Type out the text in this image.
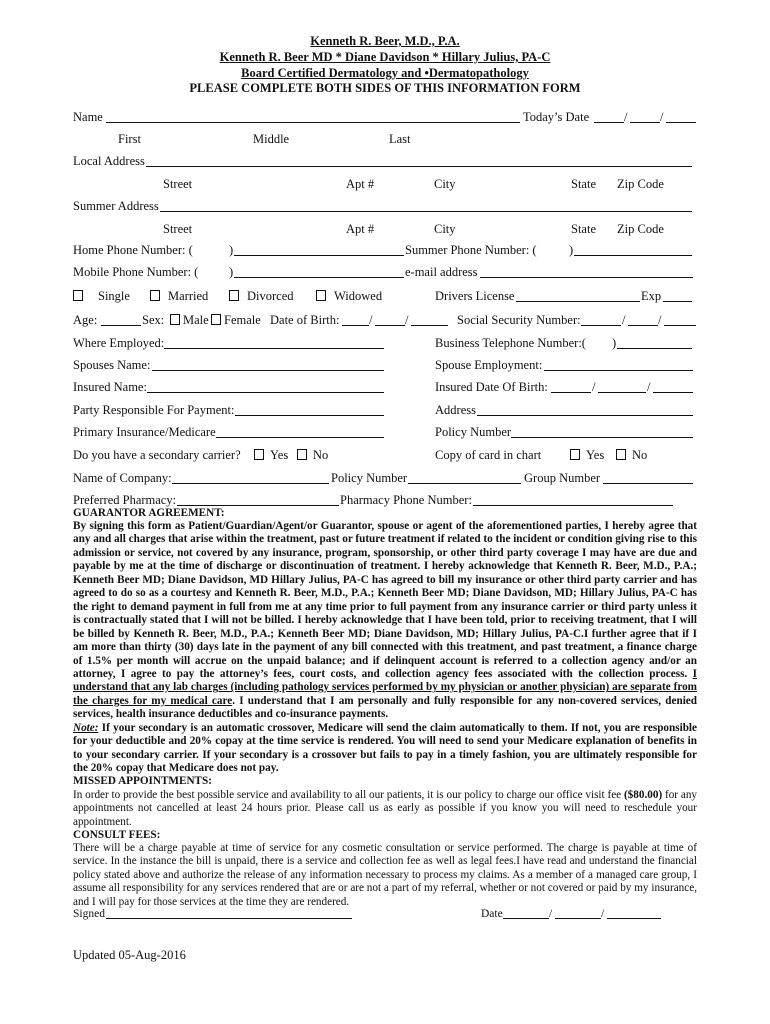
Kenneth R. Beer, M.D., P.A.
Kenneth R. Beer MD * Diane Davidson * Hillary Julius, PA-C
Board Certified Dermatology and •Dermatopathology
PLEASE COMPLETE BOTH SIDES OF THIS INFORMATION FORM
Name	Today’s Date	/	/
First	Middle	Last
Local Address
Street	Apt #	City	State Zip Code
Summer Address
Street	Apt #	City	State Zip Code
Home Phone Number: (	)	Summer Phone Number: (	)
Mobile Phone Number: ( )	e-mail address
Single	Married	Divorced	Widowed	Drivers License	Exp
Age:	Sex:	Male	Female Date of Birth: /	/	Social Security Number:	/	/
Where Employed:	Business Telephone Number:( )
Spouses Name:	Spouse Employment:
Insured Name:	Insured Date Of Birth:	/	/
Party Responsible For Payment:	Address
Primary Insurance/Medicare	Policy Number
Do you have a secondary carrier?	Yes	No	Copy of card in chart	Yes	No
Name of Company:	Policy Number	Group Number
Preferred Pharmacy:	Pharmacy Phone Number:
GUARANTOR AGREEMENT:
By signing this form as Patient/Guardian/Agent/or Guarantor, spouse or agent of the aforementioned parties, I hereby agree that any and all charges that arise within the treatment, past or future treatment if related to the incident or condition giving rise to this admission or service, not covered by any insurance, program, sponsorship, or other third party coverage I may have are due and payable by me at the time of discharge or discontinuation of treatment. I hereby acknowledge that Kenneth R. Beer, M.D., P.A.; Kenneth Beer MD; Diane Davidson, MD Hillary Julius, PA-C has agreed to bill my insurance or other third party carrier and has agreed to do so as a courtesy and Kenneth R. Beer, M.D., P.A.; Kenneth Beer MD; Diane Davidson, MD; Hillary Julius, PA-C has the right to demand payment in full from me at any time prior to full payment from any insurance carrier or third party unless it is contractually stated that I will not be billed. I hereby acknowledge that I have been told, prior to receiving treatment, that I will be billed by Kenneth R. Beer, M.D., P.A.; Kenneth Beer MD; Diane Davidson, MD; Hillary Julius, PA-C.I further agree that if I am more than thirty (30) days late in the payment of any bill connected with this treatment, and past treatment, a finance charge of 1.5% per month will accrue on the unpaid balance; and if delinquent account is referred to a collection agency and/or an attorney, I agree to pay the attorney’s fees, court costs, and collection agency fees associated with the collection process. I understand that any lab charges (including pathology services performed by my physician or another physician) are separate from the charges for my medical care. I understand that I am personally and fully responsible for any non-covered services, denied services, health insurance deductibles and co-insurance payments.
Note: If your secondary is an automatic crossover, Medicare will send the claim automatically to them. If not, you are responsible for your deductible and 20% copay at the time service is rendered. You will need to send your Medicare explanation of benefits in to your secondary carrier. If your secondary is a crossover but fails to pay in a timely fashion, you are ultimately responsible for the 20% copay that Medicare does not pay.
MISSED APPOINTMENTS:
In order to provide the best possible service and availability to all our patients, it is our policy to charge our office visit fee ($80.00) for any appointments not cancelled at least 24 hours prior. Please call us as early as possible if you know you will need to reschedule your appointment.
CONSULT FEES:
There will be a charge payable at time of service for any cosmetic consultation or service performed. The charge is payable at time of service. In the instance the bill is unpaid, there is a service and collection fee as well as legal fees.I have read and understand the financial policy stated above and authorize the release of any information necessary to process my claims. As a member of a managed care group, I assume all responsibility for any services rendered that are or are not a part of my referral, whether or not covered or paid by my insurance, and I will pay for those services at the time they are rendered.
Signed	Date	/	/
Updated 05-Aug-2016
